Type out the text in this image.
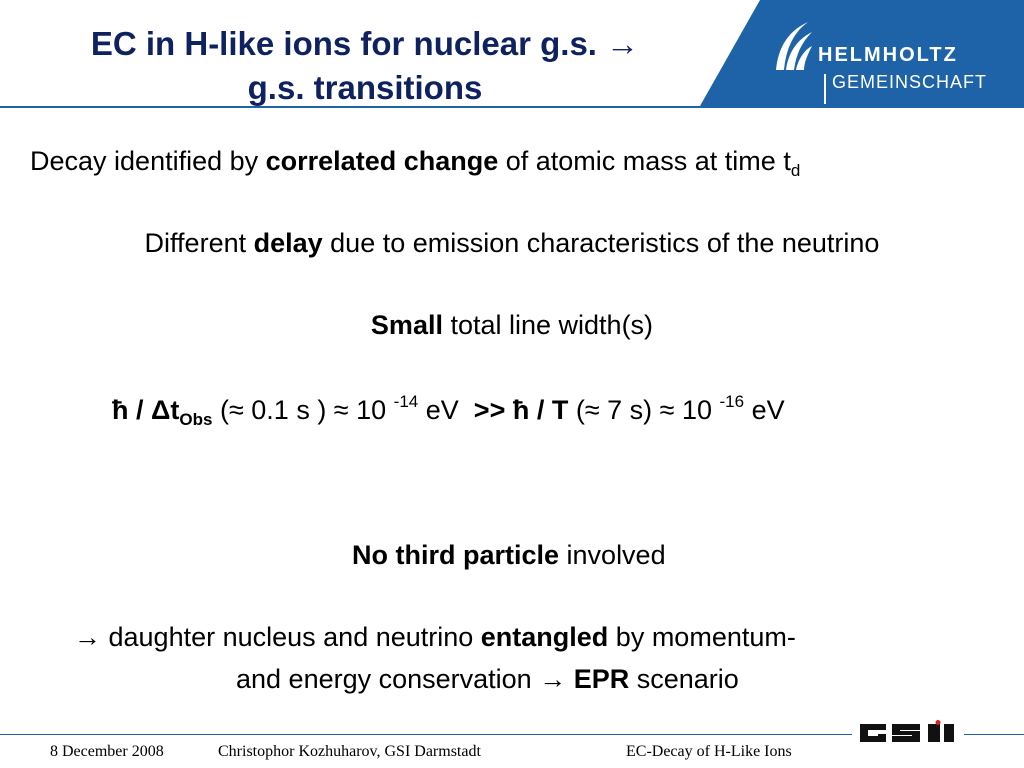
EC in H-like ions for nuclear g.s. →
g.s. transitions
HELMHOLTZ
GEMEINSCHAFT
Decay identified by correlated change of atomic mass at time $t_d$
Different delay due to emission characteristics of the neutrino
Small total line width(s)
ћ / $\Delta t_{Obs}$ (≈ 0.1 s ) ≈ 10 $^{-14}$ eV >> ћ / T (≈ 7 s) ≈ 10 $^{-16}$ eV
No third particle involved
→ daughter nucleus and neutrino entangled by momentum-
and energy conservation → EPR scenario
8 December 2008	Christophor Kozhuharov, GSI Darmstadt	EC-Decay of H-Like Ions
